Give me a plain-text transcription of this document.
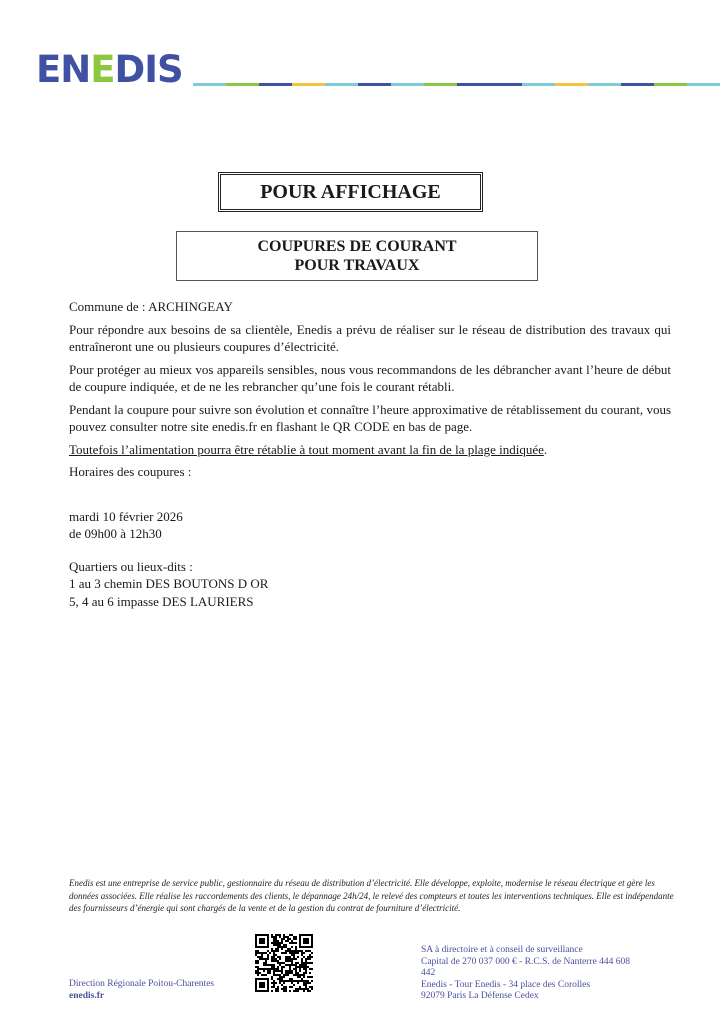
ENEDIS
POUR AFFICHAGE
COUPURES DE COURANT
POUR TRAVAUX
Commune de : ARCHINGEAY
Pour répondre aux besoins de sa clientèle, Enedis a prévu de réaliser sur le réseau de distribution des travaux qui entraîneront une ou plusieurs coupures d’électricité.
Pour protéger au mieux vos appareils sensibles, nous vous recommandons de les débrancher avant l’heure de début de coupure indiquée, et de ne les rebrancher qu’une fois le courant rétabli.
Pendant la coupure pour suivre son évolution et connaître l’heure approximative de rétablissement du courant, vous pouvez consulter notre site enedis.fr en flashant le QR CODE en bas de page.
Toutefois l’alimentation pourra être rétablie à tout moment avant la fin de la plage indiquée.
Horaires des coupures :
mardi 10 février 2026
de 09h00 à 12h30
Quartiers ou lieux-dits :
1 au 3 chemin DES BOUTONS D OR
5, 4 au 6 impasse DES LAURIERS
Enedis est une entreprise de service public, gestionnaire du réseau de distribution d’électricité. Elle développe, exploite, modernise le réseau électrique et gère les données associées. Elle réalise les raccordements des clients, le dépannage 24h/24, le relevé des compteurs et toutes les interventions techniques. Elle est indépendante des fournisseurs d’énergie qui sont chargés de la vente et de la gestion du contrat de fourniture d’électricité.
Direction Régionale Poitou-Charentes
enedis.fr
SA à directoire et à conseil de surveillance
Capital de 270 037 000 € - R.C.S. de Nanterre 444 608 442
Enedis - Tour Enedis - 34 place des Corolles
92079 Paris La Défense Cedex
